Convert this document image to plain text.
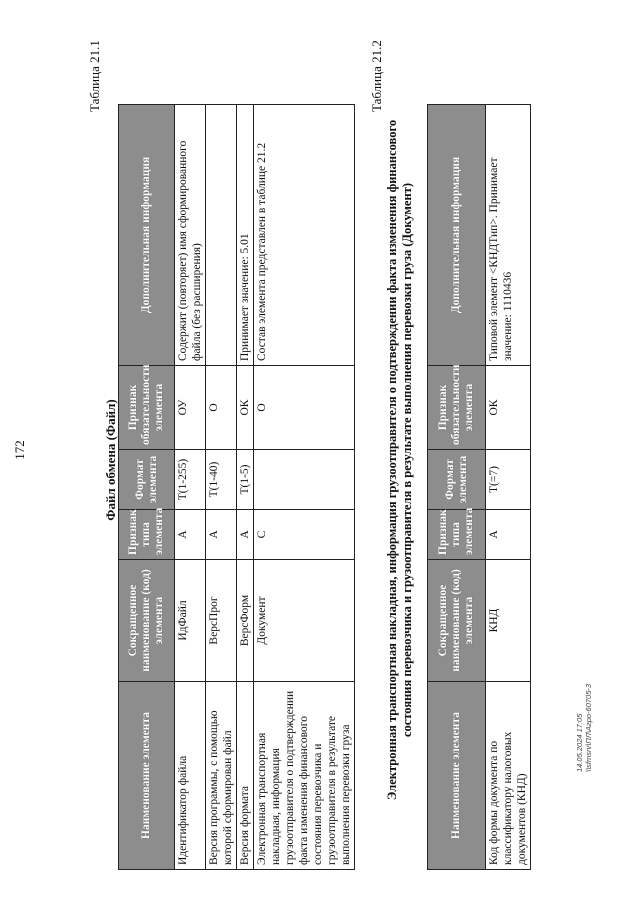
172
Таблица 21.1
Файл обмена (Файл)
Наименование элемента	Сокращенное наименование (код) элемента	Признак типа элемента	Формат элемента	Признак обязательности элемента	Дополнительная информация
Идентификатор файла	ИдФайл	А	T(1-255)	ОУ	Содержит (повторяет) имя сформированного файла (без расширения)
Версия программы, с помощью которой сформирован файл	ВерсПрог	А	T(1-40)	О	
Версия формата	ВерсФорм	А	T(1-5)	ОК	Принимает значение: 5.01
Электронная транспортная накладная, информация грузоотправителя о подтверждении факта изменения финансового состояния перевозчика и грузоотправителя в результате выполнения перевозки груза	Документ	С		О	Состав элемента представлен в таблице 21.2
Таблица 21.2
Электронная транспортная накладная, информация грузоотправителя о подтверждении факта изменения финансового состояния перевозчика и грузоотправителя в результате выполнения перевозки груза (Документ)
Наименование элемента	Сокращенное наименование (код) элемента	Признак типа элемента	Формат элемента	Признак обязательности элемента	Дополнительная информация
Код формы документа по классификатору налоговых документов (КНД)	КНД	А	T(=7)	ОК	Типовой элемент <КНДТип>. Принимает значение: 1110436
14.05.2024 17:05 \\sfmsrv\ПЛ\Агро-60705-3
